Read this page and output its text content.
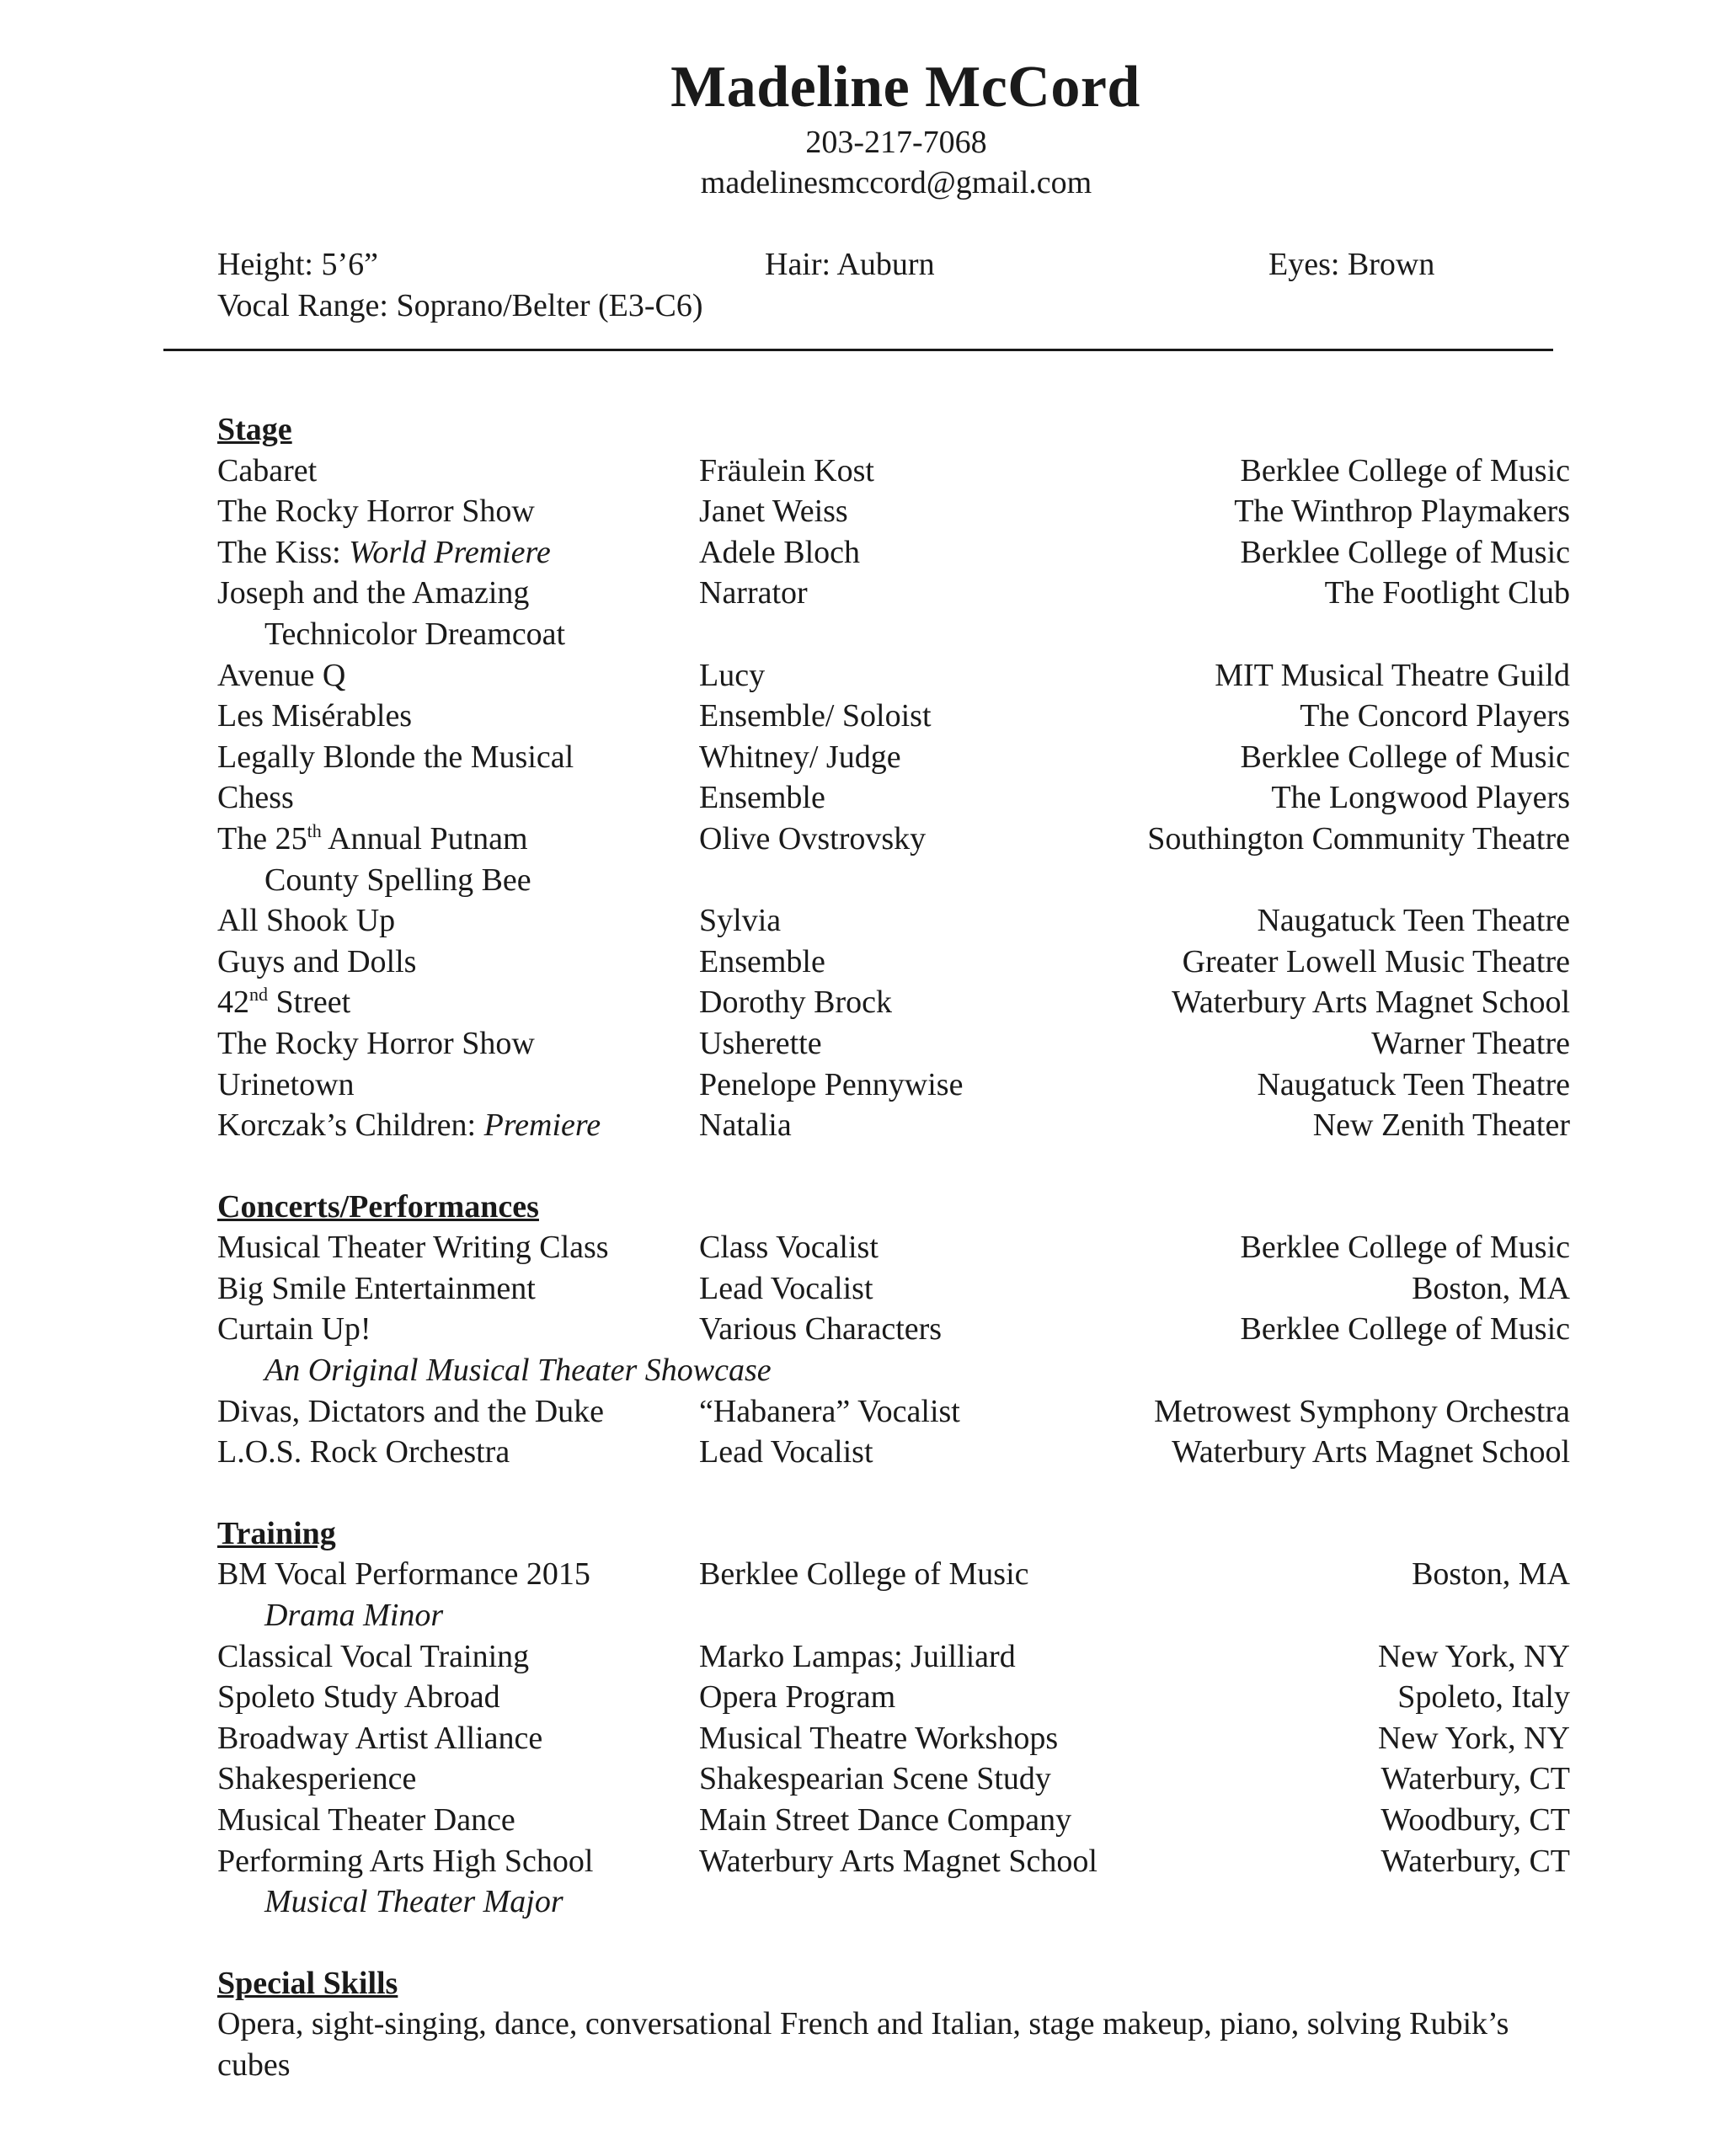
Madeline McCord
203-217-7068
madelinesmccord@gmail.com
Height: 5’6”	Hair: Auburn	Eyes: Brown
Vocal Range: Soprano/Belter (E3-C6)
Stage
Cabaret	Fräulein Kost	Berklee College of Music
The Rocky Horror Show	Janet Weiss	The Winthrop Playmakers
The Kiss: World Premiere	Adele Bloch	Berklee College of Music
Joseph and the Amazing	Narrator	The Footlight Club
Technicolor Dreamcoat
Avenue Q	Lucy	MIT Musical Theatre Guild
Les Misérables	Ensemble/ Soloist	The Concord Players
Legally Blonde the Musical	Whitney/ Judge	Berklee College of Music
Chess	Ensemble	The Longwood Players
The 25th Annual Putnam	Olive Ovstrovsky	Southington Community Theatre
County Spelling Bee
All Shook Up	Sylvia	Naugatuck Teen Theatre
Guys and Dolls	Ensemble	Greater Lowell Music Theatre
42nd Street	Dorothy Brock	Waterbury Arts Magnet School
The Rocky Horror Show	Usherette	Warner Theatre
Urinetown	Penelope Pennywise	Naugatuck Teen Theatre
Korczak’s Children: Premiere	Natalia	New Zenith Theater
Concerts/Performances
Musical Theater Writing Class	Class Vocalist	Berklee College of Music
Big Smile Entertainment	Lead Vocalist	Boston, MA
Curtain Up!	Various Characters	Berklee College of Music
An Original Musical Theater Showcase
Divas, Dictators and the Duke	“Habanera” Vocalist	Metrowest Symphony Orchestra
L.O.S. Rock Orchestra	Lead Vocalist	Waterbury Arts Magnet School
Training
BM Vocal Performance 2015	Berklee College of Music	Boston, MA
Drama Minor
Classical Vocal Training	Marko Lampas; Juilliard	New York, NY
Spoleto Study Abroad	Opera Program	Spoleto, Italy
Broadway Artist Alliance	Musical Theatre Workshops	New York, NY
Shakesperience	Shakespearian Scene Study	Waterbury, CT
Musical Theater Dance	Main Street Dance Company	Woodbury, CT
Performing Arts High School	Waterbury Arts Magnet School	Waterbury, CT
Musical Theater Major
Special Skills
Opera, sight-singing, dance, conversational French and Italian, stage makeup, piano, solving Rubik’s cubes
